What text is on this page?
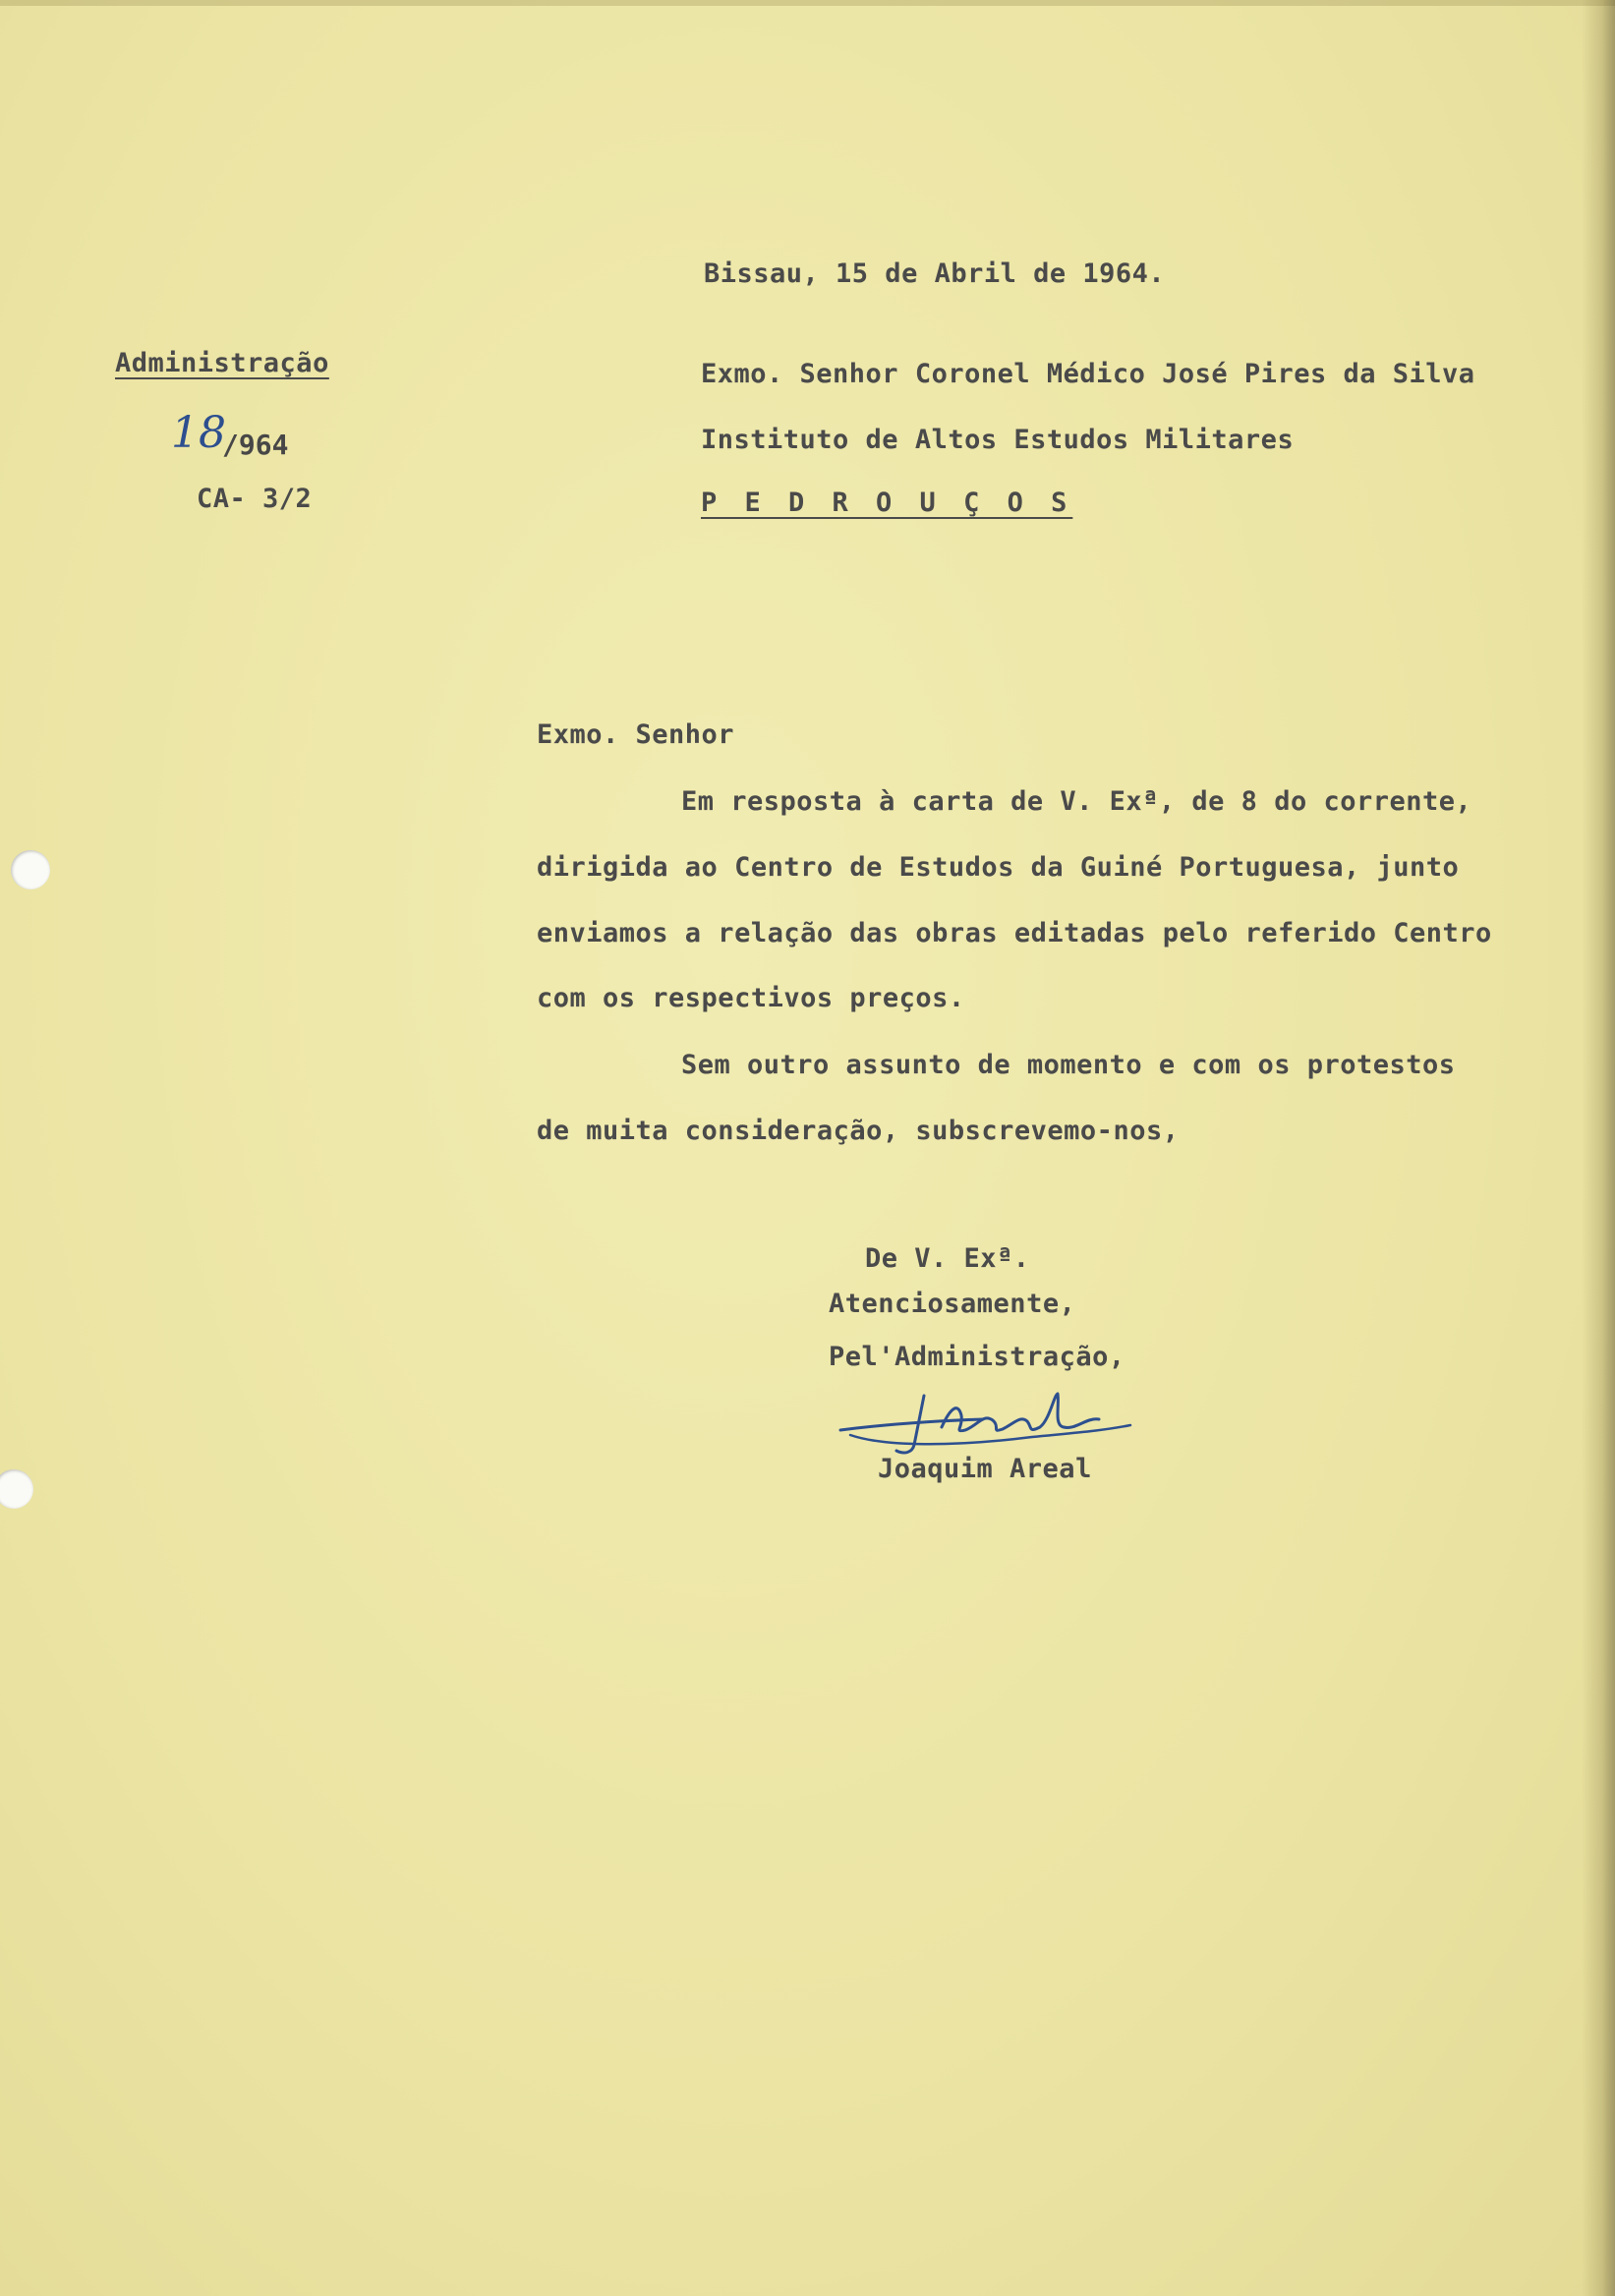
Bissau, 15 de Abril de 1964.
Administração
18
/964
CA- 3/2
Exmo. Senhor Coronel Médico José Pires da Silva
Instituto de Altos Estudos Militares
P E D R O U Ç O S
Exmo. Senhor
Em resposta à carta de V. Exª, de 8 do corrente,
dirigida ao Centro de Estudos da Guiné Portuguesa, junto
enviamos a relação das obras editadas pelo referido Centro
com os respectivos preços.
Sem outro assunto de momento e com os protestos
de muita consideração, subscrevemo-nos,
De V. Exª.
Atenciosamente,
Pel'Administração,
Joaquim Areal
